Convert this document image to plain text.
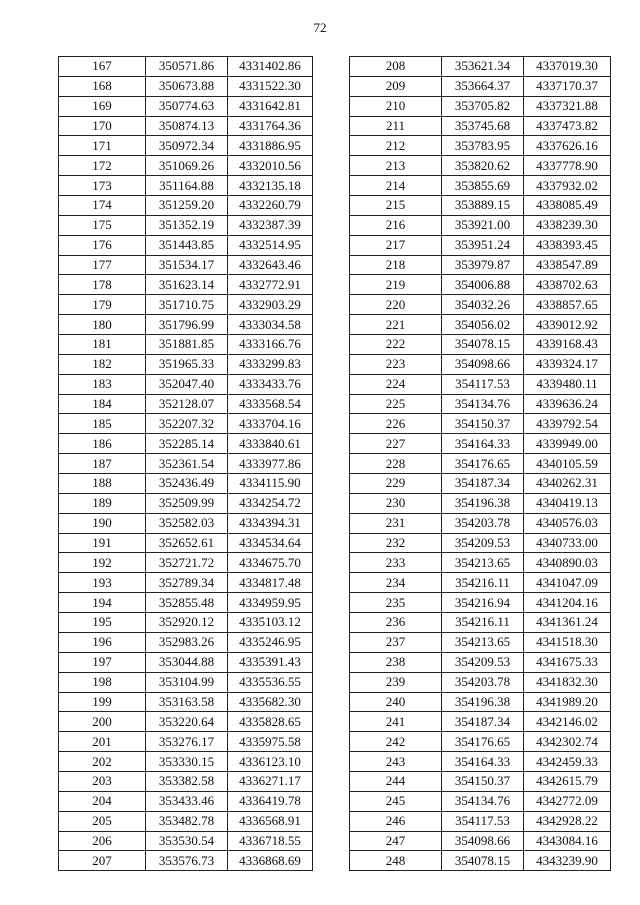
72
167	350571.86	4331402.86
168	350673.88	4331522.30
169	350774.63	4331642.81
170	350874.13	4331764.36
171	350972.34	4331886.95
172	351069.26	4332010.56
173	351164.88	4332135.18
174	351259.20	4332260.79
175	351352.19	4332387.39
176	351443.85	4332514.95
177	351534.17	4332643.46
178	351623.14	4332772.91
179	351710.75	4332903.29
180	351796.99	4333034.58
181	351881.85	4333166.76
182	351965.33	4333299.83
183	352047.40	4333433.76
184	352128.07	4333568.54
185	352207.32	4333704.16
186	352285.14	4333840.61
187	352361.54	4333977.86
188	352436.49	4334115.90
189	352509.99	4334254.72
190	352582.03	4334394.31
191	352652.61	4334534.64
192	352721.72	4334675.70
193	352789.34	4334817.48
194	352855.48	4334959.95
195	352920.12	4335103.12
196	352983.26	4335246.95
197	353044.88	4335391.43
198	353104.99	4335536.55
199	353163.58	4335682.30
200	353220.64	4335828.65
201	353276.17	4335975.58
202	353330.15	4336123.10
203	353382.58	4336271.17
204	353433.46	4336419.78
205	353482.78	4336568.91
206	353530.54	4336718.55
207	353576.73	4336868.69
208	353621.34	4337019.30
209	353664.37	4337170.37
210	353705.82	4337321.88
211	353745.68	4337473.82
212	353783.95	4337626.16
213	353820.62	4337778.90
214	353855.69	4337932.02
215	353889.15	4338085.49
216	353921.00	4338239.30
217	353951.24	4338393.45
218	353979.87	4338547.89
219	354006.88	4338702.63
220	354032.26	4338857.65
221	354056.02	4339012.92
222	354078.15	4339168.43
223	354098.66	4339324.17
224	354117.53	4339480.11
225	354134.76	4339636.24
226	354150.37	4339792.54
227	354164.33	4339949.00
228	354176.65	4340105.59
229	354187.34	4340262.31
230	354196.38	4340419.13
231	354203.78	4340576.03
232	354209.53	4340733.00
233	354213.65	4340890.03
234	354216.11	4341047.09
235	354216.94	4341204.16
236	354216.11	4341361.24
237	354213.65	4341518.30
238	354209.53	4341675.33
239	354203.78	4341832.30
240	354196.38	4341989.20
241	354187.34	4342146.02
242	354176.65	4342302.74
243	354164.33	4342459.33
244	354150.37	4342615.79
245	354134.76	4342772.09
246	354117.53	4342928.22
247	354098.66	4343084.16
248	354078.15	4343239.90
